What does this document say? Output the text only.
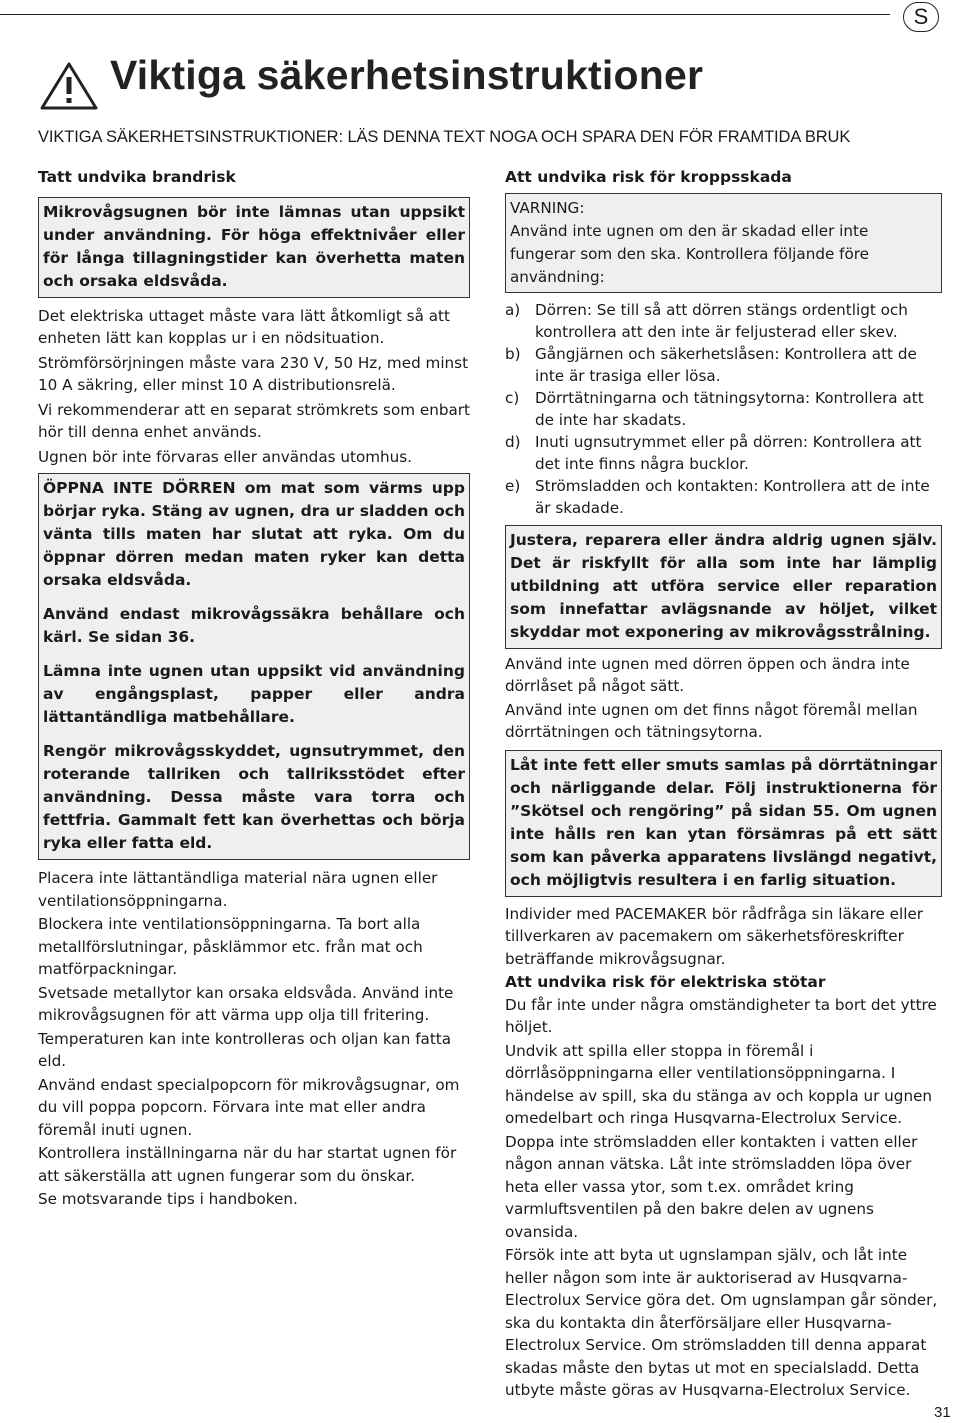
S
Viktiga säkerhetsinstruktioner

VIKTIGA SÄKERHETSINSTRUKTIONER: LÄS DENNA TEXT NOGA OCH SPARA DEN FÖR FRAMTIDA BRUK

Tatt undvika brandrisk

Mikrovågsugnen bör inte lämnas utan uppsikt under användning. För höga effektnivåer eller för långa tillagningstider kan överhetta maten och orsaka eldsvåda.

Det elektriska uttaget måste vara lätt åtkomligt så att enheten lätt kan kopplas ur i en nödsituation.

Strömförsörjningen måste vara 230 V, 50 Hz, med minst 10 A säkring, eller minst 10 A distributionsrelä.

Vi rekommenderar att en separat strömkrets som enbart hör till denna enhet används.

Ugnen bör inte förvaras eller användas utomhus.

ÖPPNA INTE DÖRREN om mat som värms upp börjar ryka. Stäng av ugnen, dra ur sladden och vänta tills maten har slutat att ryka. Om du öppnar dörren medan maten ryker kan detta orsaka eldsvåda.

Använd endast mikrovågssäkra behållare och kärl. Se sidan 36.

Lämna inte ugnen utan uppsikt vid användning av engångsplast, papper eller andra lättantändliga matbehållare.

Rengör mikrovågsskyddet, ugnsutrymmet, den roterande tallriken och tallriksstödet efter användning. Dessa måste vara torra och fettfria. Gammalt fett kan överhettas och börja ryka eller fatta eld.

Placera inte lättantändliga material nära ugnen eller ventilationsöppningarna.

Blockera inte ventilationsöppningarna. Ta bort alla metallförslutningar, påsklämmor etc. från mat och matförpackningar.

Svetsade metallytor kan orsaka eldsvåda. Använd inte mikrovågsugnen för att värma upp olja till fritering.

Temperaturen kan inte kontrolleras och oljan kan fatta eld.

Använd endast specialpopcorn för mikrovågsugnar, om du vill poppa popcorn. Förvara inte mat eller andra föremål inuti ugnen.

Kontrollera inställningarna när du har startat ugnen för att säkerställa att ugnen fungerar som du önskar.

Se motsvarande tips i handboken.

Att undvika risk för kroppsskada

VARNING:

Använd inte ugnen om den är skadad eller inte fungerar som den ska. Kontrollera följande före användning:

a) Dörren: Se till så att dörren stängs ordentligt och kontrollera att den inte är feljusterad eller skev.
b) Gångjärnen och säkerhetslåsen: Kontrollera att de inte är trasiga eller lösa.
c)	Dörrtätningarna och tätningsytorna: Kontrollera att de inte har skadats.
d) Inuti ugnsutrymmet eller på dörren: Kontrollera att det inte finns några bucklor.
e) Strömsladden och kontakten: Kontrollera att de inte är skadade.

Justera, reparera eller ändra aldrig ugnen själv. Det är riskfyllt för alla som inte har lämplig utbildning att utföra service eller reparation som innefattar avlägsnande av höljet, vilket skyddar mot exponering av mikrovågsstrålning.

Använd inte ugnen med dörren öppen och ändra inte dörrlåset på något sätt.

Använd inte ugnen om det finns något föremål mellan dörrtätningen och tätningsytorna.

Låt inte fett eller smuts samlas på dörrtätningar och närliggande delar. Följ instruktionerna för ”Skötsel och rengöring” på sidan 55. Om ugnen inte hålls ren kan ytan försämras på ett sätt som kan påverka apparatens livslängd negativt, och möjligtvis resultera i en farlig situation.

Individer med PACEMAKER bör rådfråga sin läkare eller tillverkaren av pacemakern om säkerhetsföreskrifter beträffande mikrovågsugnar.

Att undvika risk för elektriska stötar

Du får inte under några omständigheter ta bort det yttre höljet.

Undvik att spilla eller stoppa in föremål i dörrlåsöppningarna eller ventilationsöppningarna. I händelse av spill, ska du stänga av och koppla ur ugnen omedelbart och ringa Husqvarna-Electrolux Service.

Doppa inte strömsladden eller kontakten i vatten eller någon annan vätska. Låt inte strömsladden löpa över heta eller vassa ytor, som t.ex. området kring varmluftsventilen på den bakre delen av ugnens ovansida.

Försök inte att byta ut ugnslampan själv, och låt inte heller någon som inte är auktoriserad av Husqvarna-Electrolux Service göra det. Om ugnslampan går sönder, ska du kontakta din återförsäljare eller Husqvarna-Electrolux Service. Om strömsladden till denna apparat skadas måste den bytas ut mot en specialsladd. Detta utbyte måste göras av Husqvarna-Electrolux Service.

31
